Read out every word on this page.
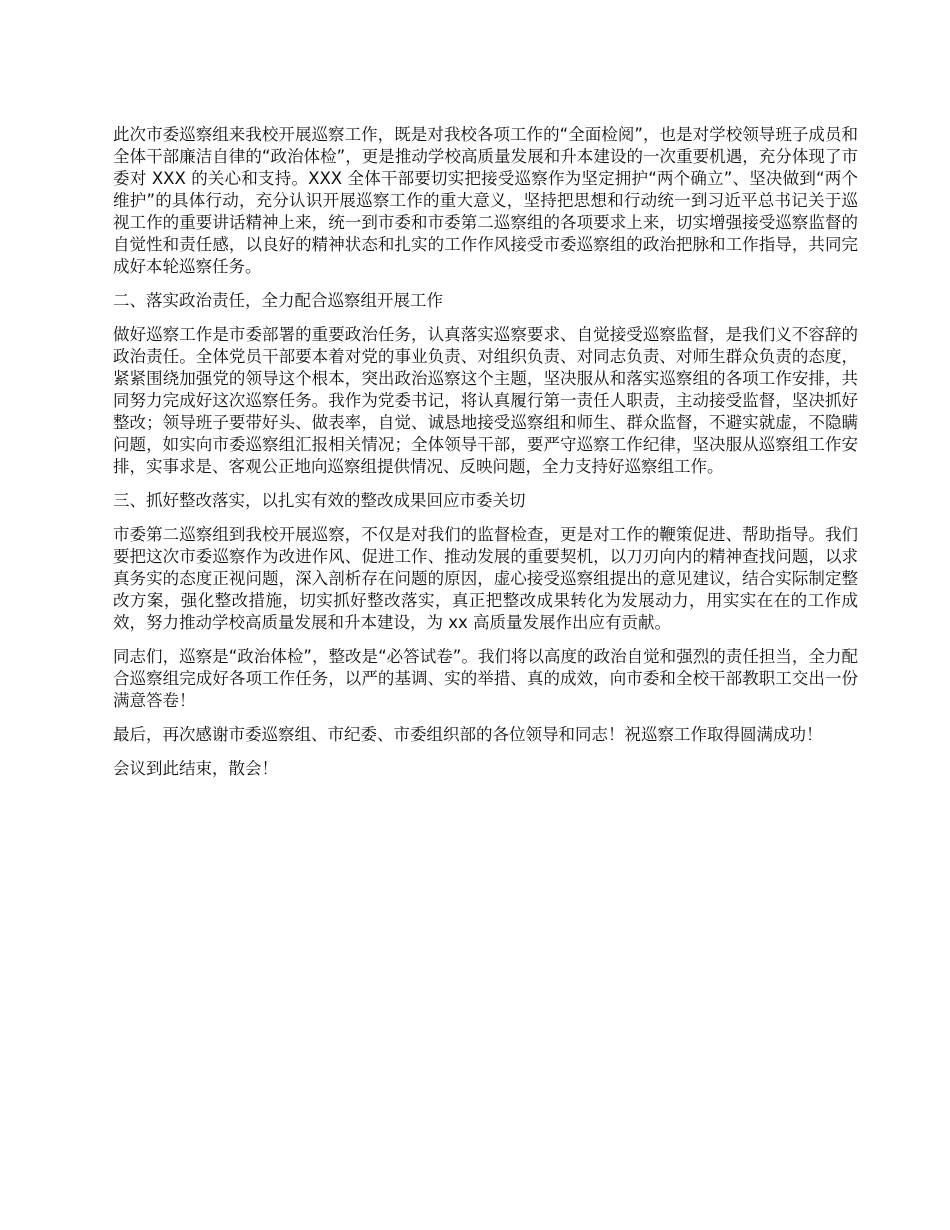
此次市委巡察组来我校开展巡察工作，既是对我校各项工作的“全面检阅”，也是对学校领导班子成员和全体干部廉洁自律的“政治体检”，更是推动学校高质量发展和升本建设的一次重要机遇，充分体现了市委对 XXX 的关心和支持。XXX 全体干部要切实把接受巡察作为坚定拥护“两个确立”、坚决做到“两个维护”的具体行动，充分认识开展巡察工作的重大意义，坚持把思想和行动统一到习近平总书记关于巡视工作的重要讲话精神上来，统一到市委和市委第二巡察组的各项要求上来，切实增强接受巡察监督的自觉性和责任感，以良好的精神状态和扎实的工作作风接受市委巡察组的政治把脉和工作指导，共同完成好本轮巡察任务。

二、落实政治责任，全力配合巡察组开展工作

做好巡察工作是市委部署的重要政治任务，认真落实巡察要求、自觉接受巡察监督，是我们义不容辞的政治责任。全体党员干部要本着对党的事业负责、对组织负责、对同志负责、对师生群众负责的态度，紧紧围绕加强党的领导这个根本，突出政治巡察这个主题，坚决服从和落实巡察组的各项工作安排，共同努力完成好这次巡察任务。我作为党委书记，将认真履行第一责任人职责，主动接受监督，坚决抓好整改；领导班子要带好头、做表率，自觉、诚恳地接受巡察组和师生、群众监督，不避实就虚，不隐瞒问题，如实向市委巡察组汇报相关情况；全体领导干部，要严守巡察工作纪律，坚决服从巡察组工作安排，实事求是、客观公正地向巡察组提供情况、反映问题，全力支持好巡察组工作。

三、抓好整改落实，以扎实有效的整改成果回应市委关切

市委第二巡察组到我校开展巡察，不仅是对我们的监督检查，更是对工作的鞭策促进、帮助指导。我们要把这次市委巡察作为改进作风、促进工作、推动发展的重要契机，以刀刃向内的精神查找问题，以求真务实的态度正视问题，深入剖析存在问题的原因，虚心接受巡察组提出的意见建议，结合实际制定整改方案，强化整改措施，切实抓好整改落实，真正把整改成果转化为发展动力，用实实在在的工作成效，努力推动学校高质量发展和升本建设，为 xx 高质量发展作出应有贡献。

同志们，巡察是“政治体检”，整改是“必答试卷”。我们将以高度的政治自觉和强烈的责任担当，全力配合巡察组完成好各项工作任务，以严的基调、实的举措、真的成效，向市委和全校干部教职工交出一份满意答卷！

最后，再次感谢市委巡察组、市纪委、市委组织部的各位领导和同志！祝巡察工作取得圆满成功！

会议到此结束，散会！
